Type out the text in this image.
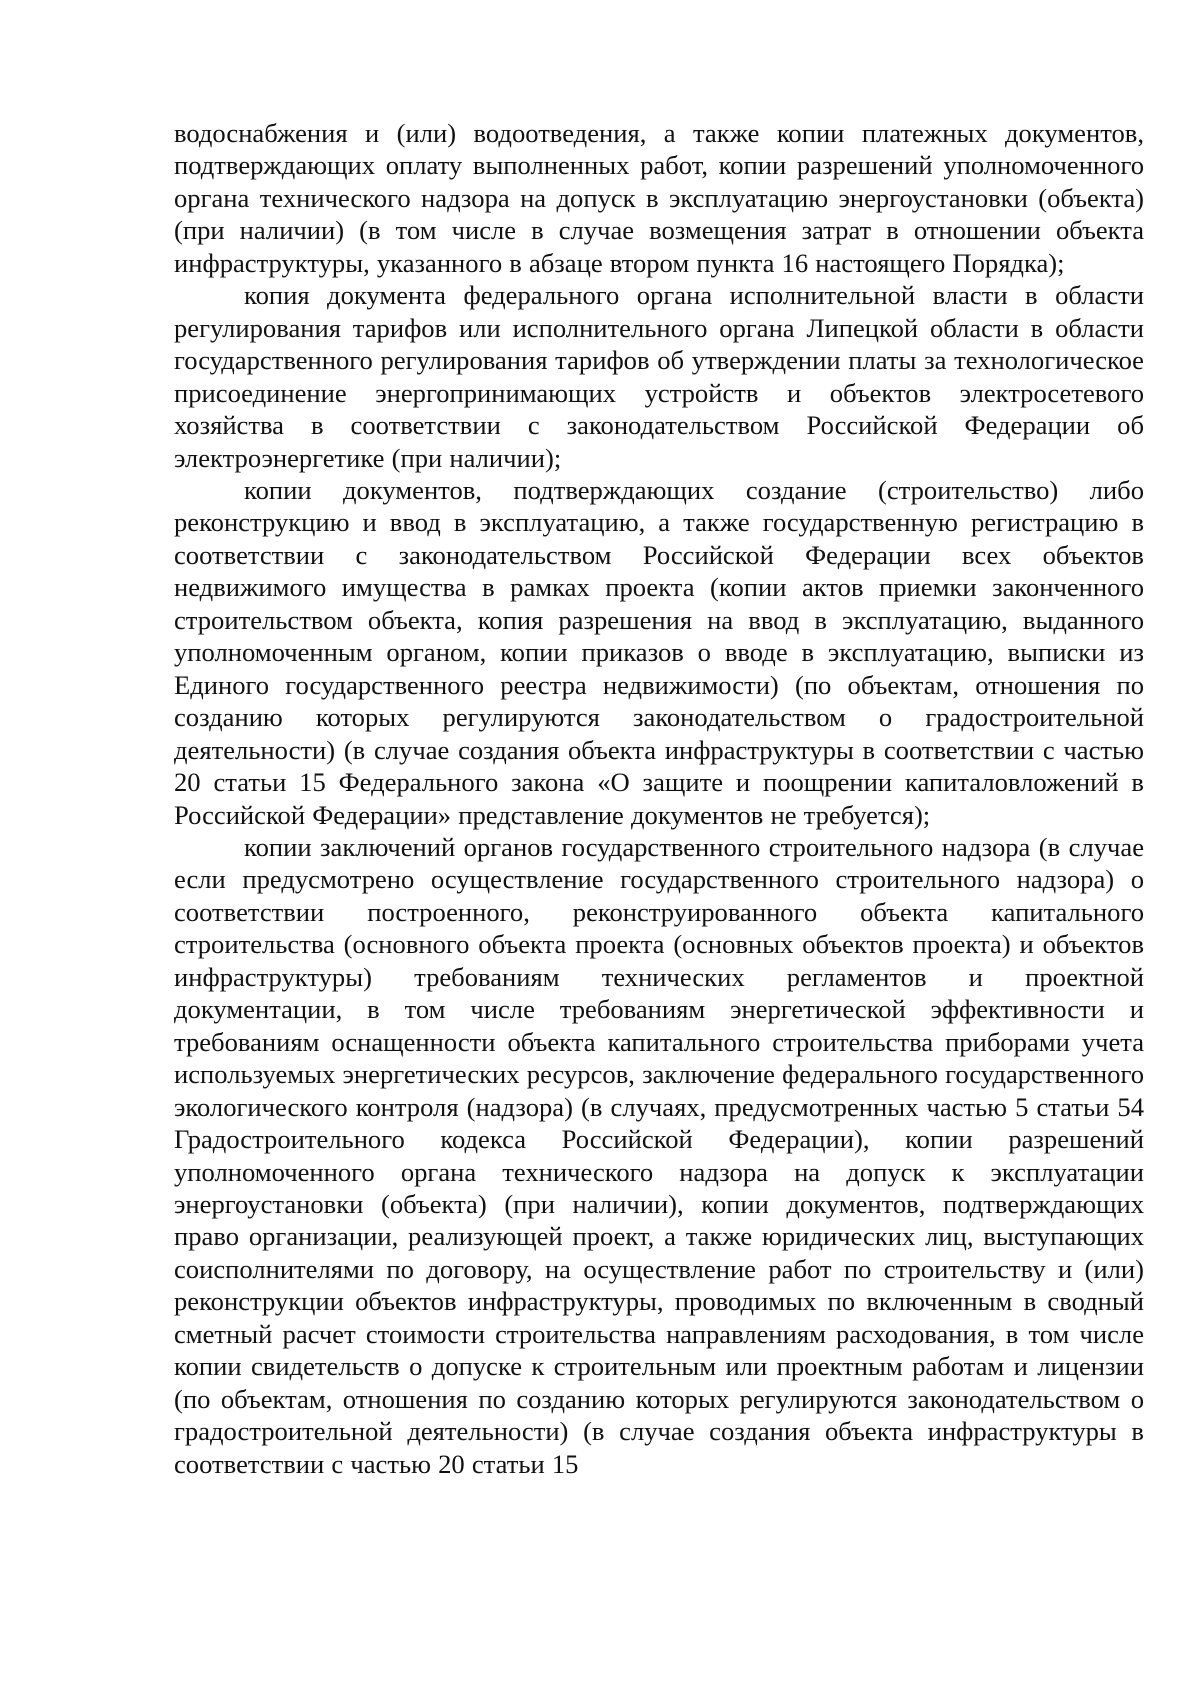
водоснабжения и (или) водоотведения, а также копии платежных документов, подтверждающих оплату выполненных работ, копии разрешений уполномоченного органа технического надзора на допуск в эксплуатацию энергоустановки (объекта) (при наличии) (в том числе в случае возмещения затрат в отношении объекта инфраструктуры, указанного в абзаце втором пункта 16 настоящего Порядка);

копия документа федерального органа исполнительной власти в области регулирования тарифов или исполнительного органа Липецкой области в области государственного регулирования тарифов об утверждении платы за технологическое присоединение энергопринимающих устройств и объектов электросетевого хозяйства в соответствии с законодательством Российской Федерации об электроэнергетике (при наличии);

копии документов, подтверждающих создание (строительство) либо реконструкцию и ввод в эксплуатацию, а также государственную регистрацию в соответствии с законодательством Российской Федерации всех объектов недвижимого имущества в рамках проекта (копии актов приемки законченного строительством объекта, копия разрешения на ввод в эксплуатацию, выданного уполномоченным органом, копии приказов о вводе в эксплуатацию, выписки из Единого государственного реестра недвижимости) (по объектам, отношения по созданию которых регулируются законодательством о градостроительной деятельности) (в случае создания объекта инфраструктуры в соответствии с частью 20 статьи 15 Федерального закона «О защите и поощрении капиталовложений в Российской Федерации» представление документов не требуется);

копии заключений органов государственного строительного надзора (в случае если предусмотрено осуществление государственного строительного надзора) о соответствии построенного, реконструированного объекта капитального строительства (основного объекта проекта (основных объектов проекта) и объектов инфраструктуры) требованиям технических регламентов и проектной документации, в том числе требованиям энергетической эффективности и требованиям оснащенности объекта капитального строительства приборами учета используемых энергетических ресурсов, заключение федерального государственного экологического контроля (надзора) (в случаях, предусмотренных частью 5 статьи 54 Градостроительного кодекса Российской Федерации), копии разрешений уполномоченного органа технического надзора на допуск к эксплуатации энергоустановки (объекта) (при наличии), копии документов, подтверждающих право организации, реализующей проект, а также юридических лиц, выступающих соисполнителями по договору, на осуществление работ по строительству и (или) реконструкции объектов инфраструктуры, проводимых по включенным в сводный сметный расчет стоимости строительства направлениям расходования, в том числе копии свидетельств о допуске к строительным или проектным работам и лицензии (по объектам, отношения по созданию которых регулируются законодательством о градостроительной деятельности) (в случае создания объекта инфраструктуры в соответствии с частью 20 статьи 15
